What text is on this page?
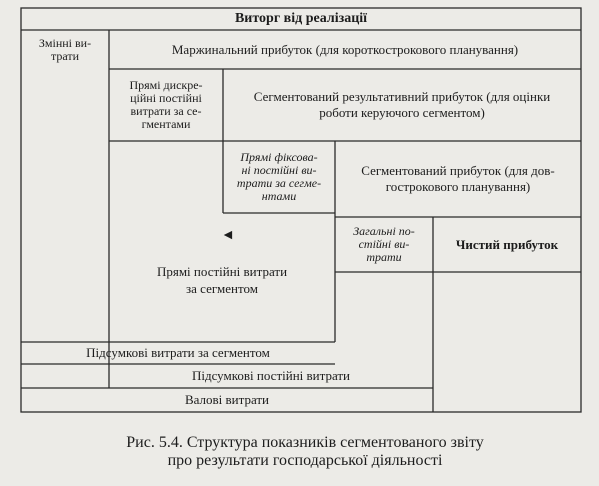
Виторг від реалізації
Змінні ви-
трати	Маржинальний прибуток (для короткострокового планування)
Прямі дискре-
ційні постійні
витрати за се-
гментами
Сегментований результативний прибуток (для оцінки
роботи керуючого сегментом)
Прямі фіксова-
ні постійні ви-
трати за сегме-
нтами
Сегментований прибуток (для дов-
гострокового планування)
Загальні по-
стійні ви-
трати
Чистий прибуток
◄
Прямі постійні витрати
за сегментом
Підсумкові витрати за сегментом
Підсумкові постійні витрати
Валові витрати
Рис. 5.4. Структура показників сегментованого звіту
про результати господарської діяльності
